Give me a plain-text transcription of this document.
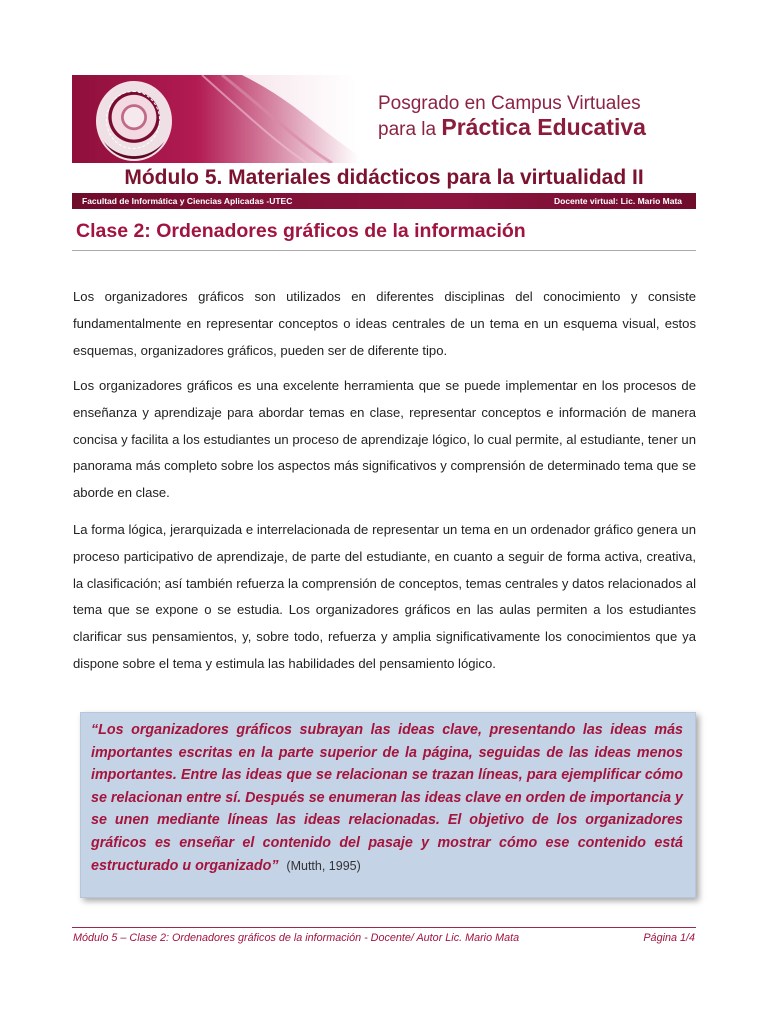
Posgrado en Campus Virtuales
para la Práctica Educativa
Módulo 5. Materiales didácticos para la virtualidad II
Facultad de Informática y Ciencias Aplicadas -UTEC	Docente virtual: Lic. Mario Mata
Clase 2: Ordenadores gráficos de la información

Los organizadores gráficos son utilizados en diferentes disciplinas del conocimiento y consiste fundamentalmente en representar conceptos o ideas centrales de un tema en un esquema visual, estos esquemas, organizadores gráficos, pueden ser de diferente tipo.

Los organizadores gráficos es una excelente herramienta que se puede implementar en los procesos de enseñanza y aprendizaje para abordar temas en clase, representar conceptos e información de manera concisa y facilita a los estudiantes un proceso de aprendizaje lógico, lo cual permite, al estudiante, tener un panorama más completo sobre los aspectos más significativos y comprensión de determinado tema que se aborde en clase.

La forma lógica, jerarquizada e interrelacionada de representar un tema en un ordenador gráfico genera un proceso participativo de aprendizaje, de parte del estudiante, en cuanto a seguir de forma activa, creativa, la clasificación; así también refuerza la comprensión de conceptos, temas centrales y datos relacionados al tema que se expone o se estudia. Los organizadores gráficos en las aulas permiten a los estudiantes clarificar sus pensamientos, y, sobre todo, refuerza y amplia significativamente los conocimientos que ya dispone sobre el tema y estimula las habilidades del pensamiento lógico.

“Los organizadores gráficos subrayan las ideas clave, presentando las ideas más importantes escritas en la parte superior de la página, seguidas de las ideas menos importantes. Entre las ideas que se relacionan se trazan líneas, para ejemplificar cómo se relacionan entre sí. Después se enumeran las ideas clave en orden de importancia y se unen mediante líneas las ideas relacionadas. El objetivo de los organizadores gráficos es enseñar el contenido del pasaje y mostrar cómo ese contenido está estructurado u organizado” (Mutth, 1995)

Módulo 5 – Clase 2: Ordenadores gráficos de la información - Docente/ Autor Lic. Mario Mata	Página 1/4
